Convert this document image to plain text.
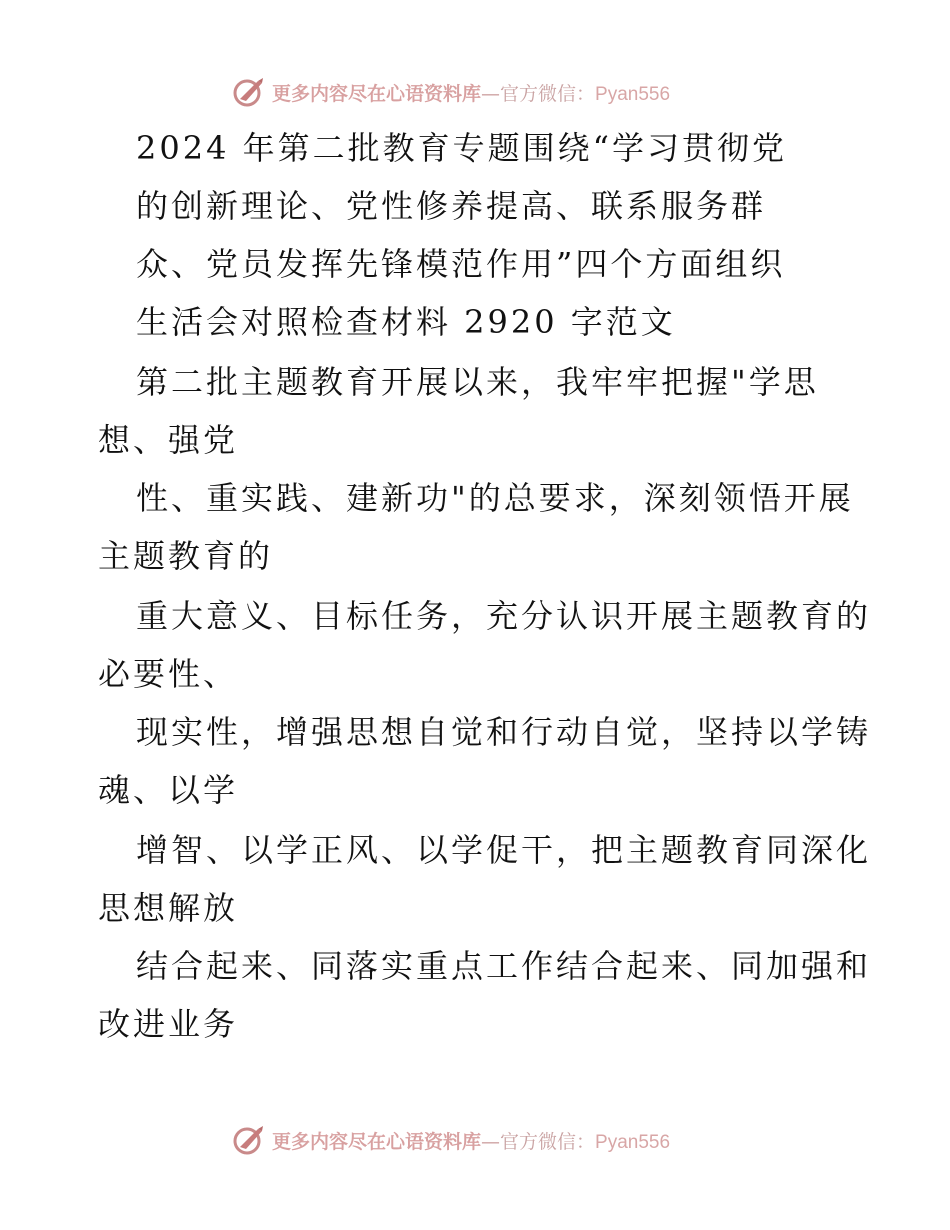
更多内容尽在心语资料库—官方微信：Pyan556
2024 年第二批教育专题围绕“学习贯彻党
的创新理论、党性修养提高、联系服务群
众、党员发挥先锋模范作用”四个方面组织
生活会对照检查材料 2920 字范文
第二批主题教育开展以来，我牢牢把握"学思
想、强党
性、重实践、建新功"的总要求，深刻领悟开展
主题教育的
重大意义、目标任务，充分认识开展主题教育的
必要性、
现实性，增强思想自觉和行动自觉，坚持以学铸
魂、以学
增智、以学正风、以学促干，把主题教育同深化
思想解放
结合起来、同落实重点工作结合起来、同加强和
改进业务
更多内容尽在心语资料库—官方微信：Pyan556
